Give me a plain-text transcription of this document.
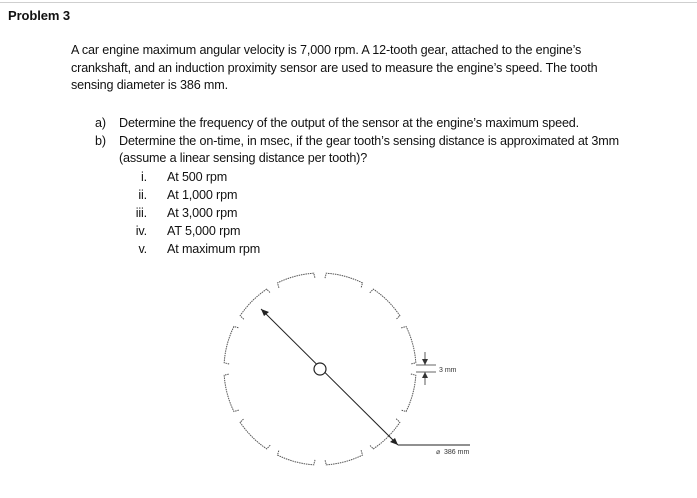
Problem 3
A car engine maximum angular velocity is 7,000 rpm. A 12-tooth gear, attached to the engine’s
crankshaft, and an induction proximity sensor are used to measure the engine’s speed. The tooth
sensing diameter is 386 mm.
a)	Determine the frequency of the output of the sensor at the engine’s maximum speed.
b)	Determine the on-time, in msec, if the gear tooth’s sensing distance is approximated at 3mm
(assume a linear sensing distance per tooth)?
i. At 500 rpm
ii. At 1,000 rpm
iii. At 3,000 rpm
iv. AT 5,000 rpm
v. At maximum rpm
3 mm
⌀ 386 mm
